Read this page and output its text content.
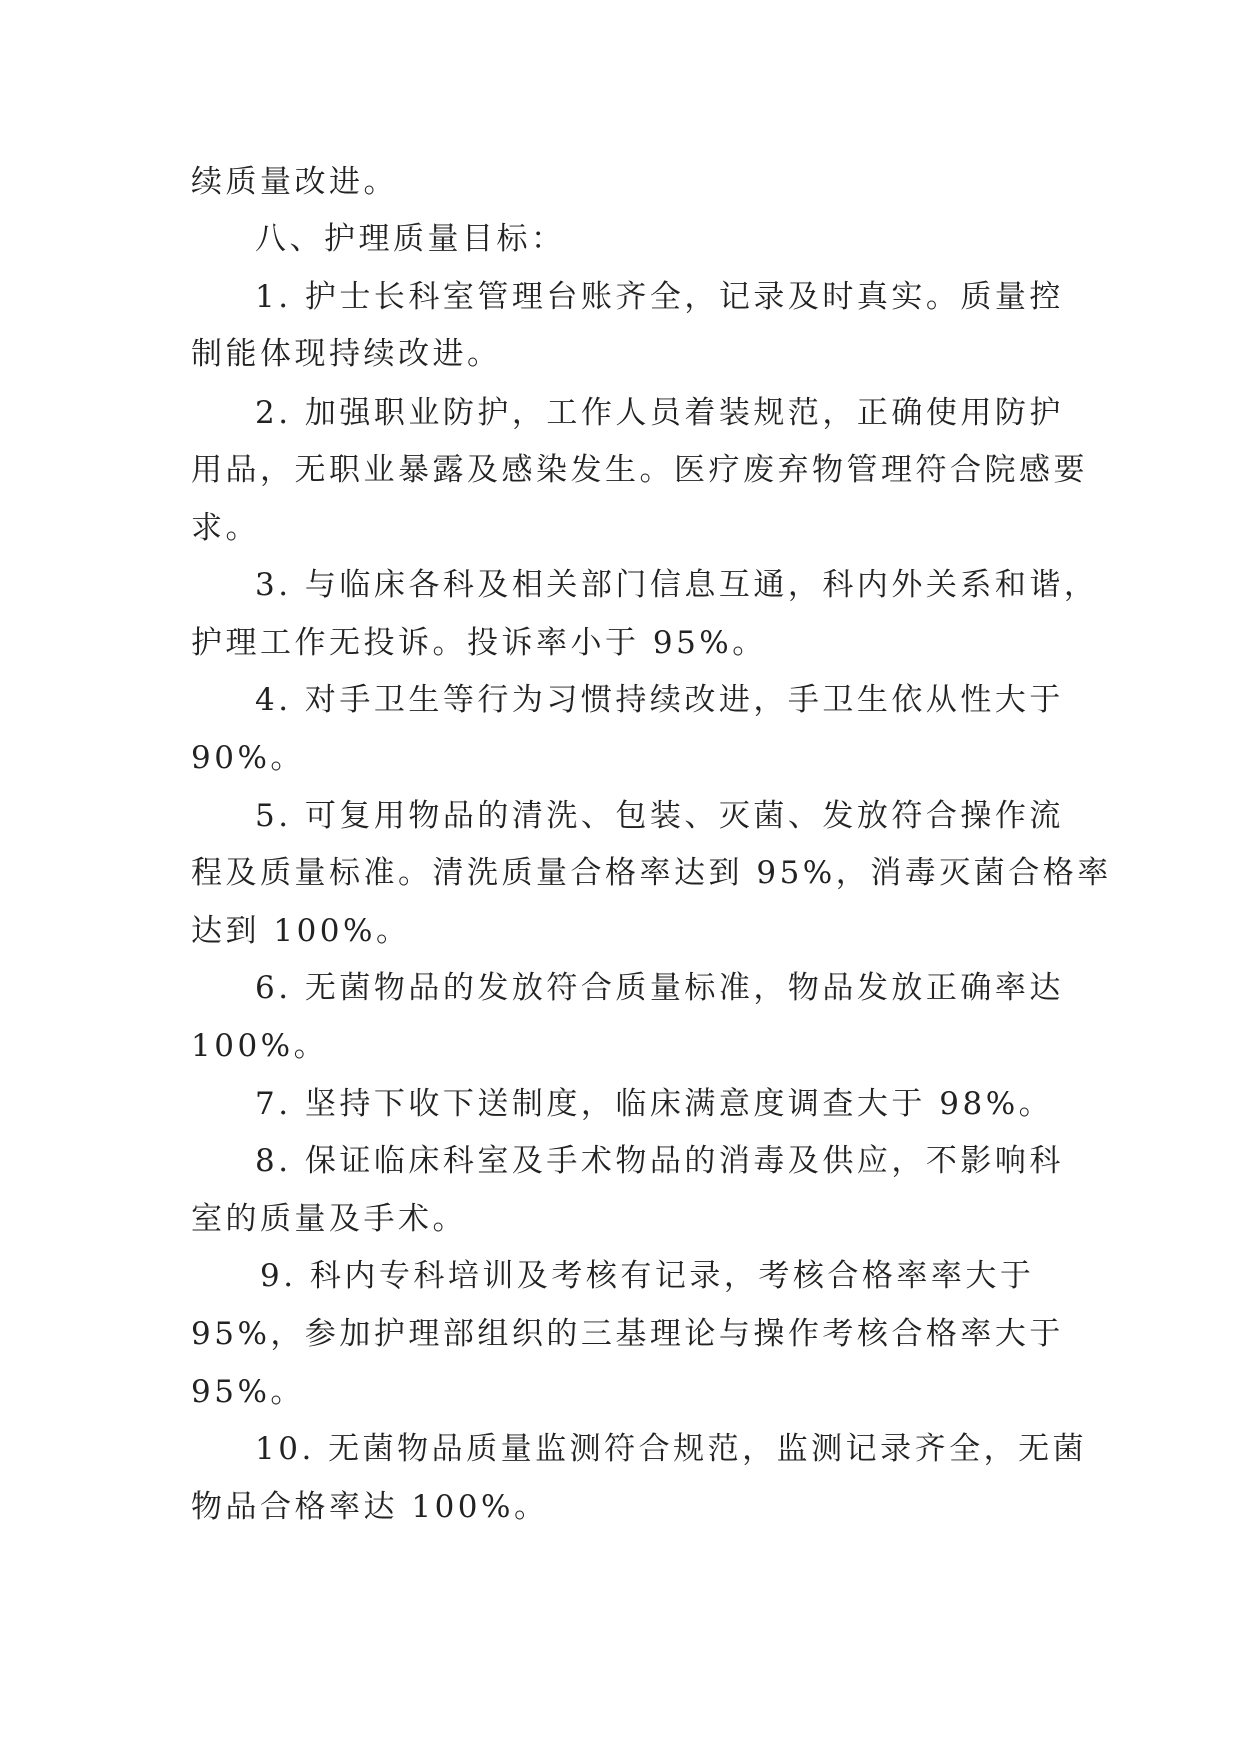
续质量改进。
八、护理质量目标：
1. 护士长科室管理台账齐全，记录及时真实。质量控
制能体现持续改进。
2. 加强职业防护，工作人员着装规范，正确使用防护
用品，无职业暴露及感染发生。医疗废弃物管理符合院感要
求。
3. 与临床各科及相关部门信息互通，科内外关系和谐，
护理工作无投诉。投诉率小于 95%。
4. 对手卫生等行为习惯持续改进，手卫生依从性大于
90%。
5. 可复用物品的清洗、包装、灭菌、发放符合操作流
程及质量标准。清洗质量合格率达到 95%，消毒灭菌合格率
达到 100%。
6. 无菌物品的发放符合质量标准，物品发放正确率达
100%。
7. 坚持下收下送制度，临床满意度调查大于 98%。
8. 保证临床科室及手术物品的消毒及供应，不影响科
室的质量及手术。
9. 科内专科培训及考核有记录，考核合格率率大于
95%，参加护理部组织的三基理论与操作考核合格率大于
95%。
10. 无菌物品质量监测符合规范，监测记录齐全，无菌
物品合格率达 100%。
